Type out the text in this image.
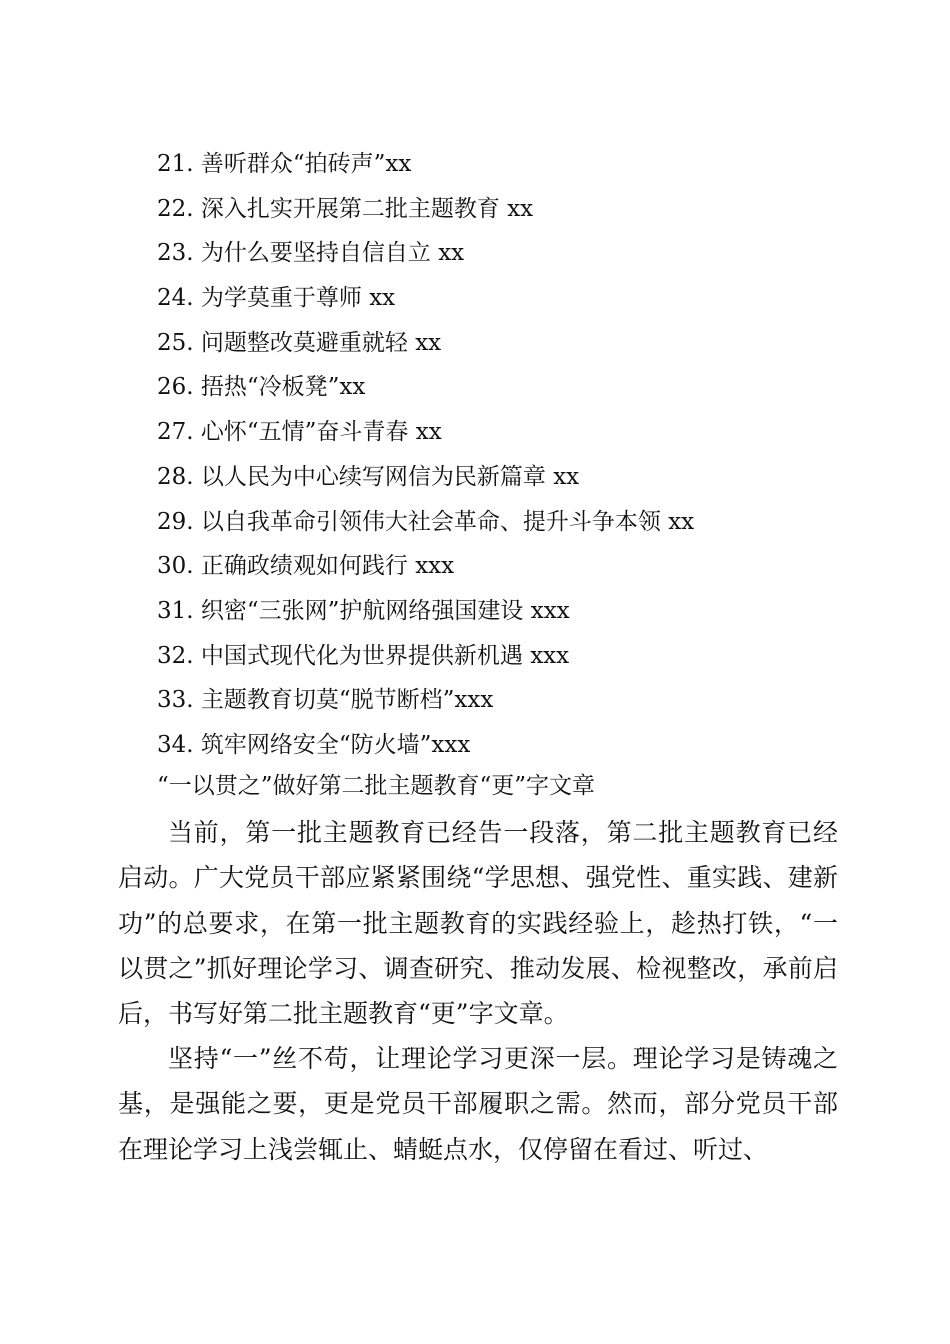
21. 善听群众“拍砖声”xx
22. 深入扎实开展第二批主题教育 xx
23. 为什么要坚持自信自立 xx
24. 为学莫重于尊师 xx
25. 问题整改莫避重就轻 xx
26. 捂热“冷板凳”xx
27. 心怀“五情”奋斗青春 xx
28. 以人民为中心续写网信为民新篇章 xx
29. 以自我革命引领伟大社会革命、提升斗争本领 xx
30. 正确政绩观如何践行 xxx
31. 织密“三张网”护航网络强国建设 xxx
32. 中国式现代化为世界提供新机遇 xxx
33. 主题教育切莫“脱节断档”xxx
34. 筑牢网络安全“防火墙”xxx
“一以贯之”做好第二批主题教育“更”字文章

当前，第一批主题教育已经告一段落，第二批主题教育已经启动。广大党员干部应紧紧围绕“学思想、强党性、重实践、建新功”的总要求，在第一批主题教育的实践经验上，趁热打铁，“一以贯之”抓好理论学习、调查研究、推动发展、检视整改，承前启后，书写好第二批主题教育“更”字文章。

坚持“一”丝不苟，让理论学习更深一层。理论学习是铸魂之基，是强能之要，更是党员干部履职之需。然而，部分党员干部在理论学习上浅尝辄止、蜻蜓点水，仅停留在看过、听过、
